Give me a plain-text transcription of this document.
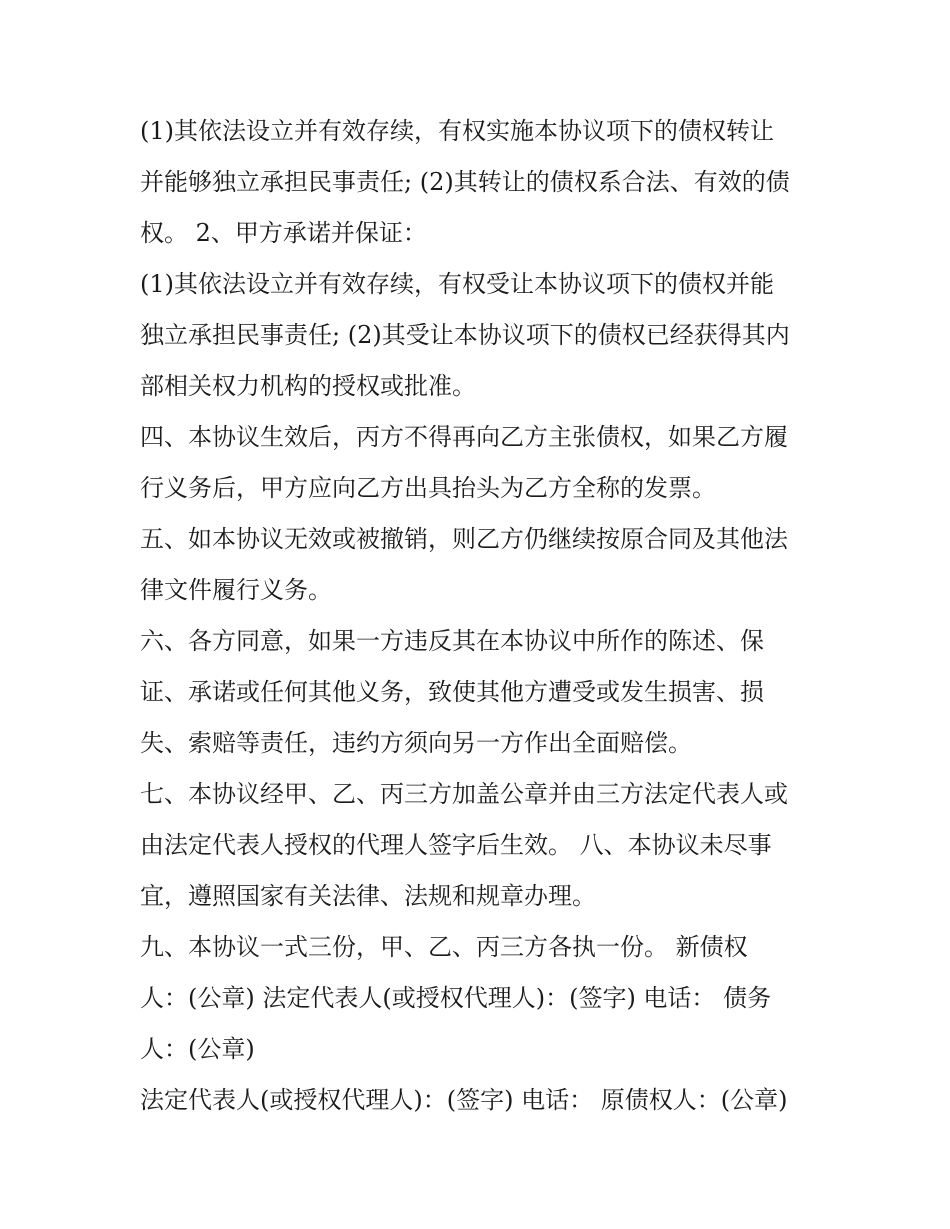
(1)其依法设立并有效存续，有权实施本协议项下的债权转让
并能够独立承担民事责任; (2)其转让的债权系合法、有效的债
权。 2、甲方承诺并保证：
(1)其依法设立并有效存续，有权受让本协议项下的债权并能
独立承担民事责任; (2)其受让本协议项下的债权已经获得其内
部相关权力机构的授权或批准。
四、本协议生效后，丙方不得再向乙方主张债权，如果乙方履
行义务后，甲方应向乙方出具抬头为乙方全称的发票。
五、如本协议无效或被撤销，则乙方仍继续按原合同及其他法
律文件履行义务。
六、各方同意，如果一方违反其在本协议中所作的陈述、保
证、承诺或任何其他义务，致使其他方遭受或发生损害、损
失、索赔等责任，违约方须向另一方作出全面赔偿。
七、本协议经甲、乙、丙三方加盖公章并由三方法定代表人或
由法定代表人授权的代理人签字后生效。 八、本协议未尽事
宜，遵照国家有关法律、法规和规章办理。
九、本协议一式三份，甲、乙、丙三方各执一份。 新债权
人：(公章) 法定代表人(或授权代理人)：(签字) 电话： 债务
人：(公章)
法定代表人(或授权代理人)：(签字) 电话： 原债权人：(公章)
